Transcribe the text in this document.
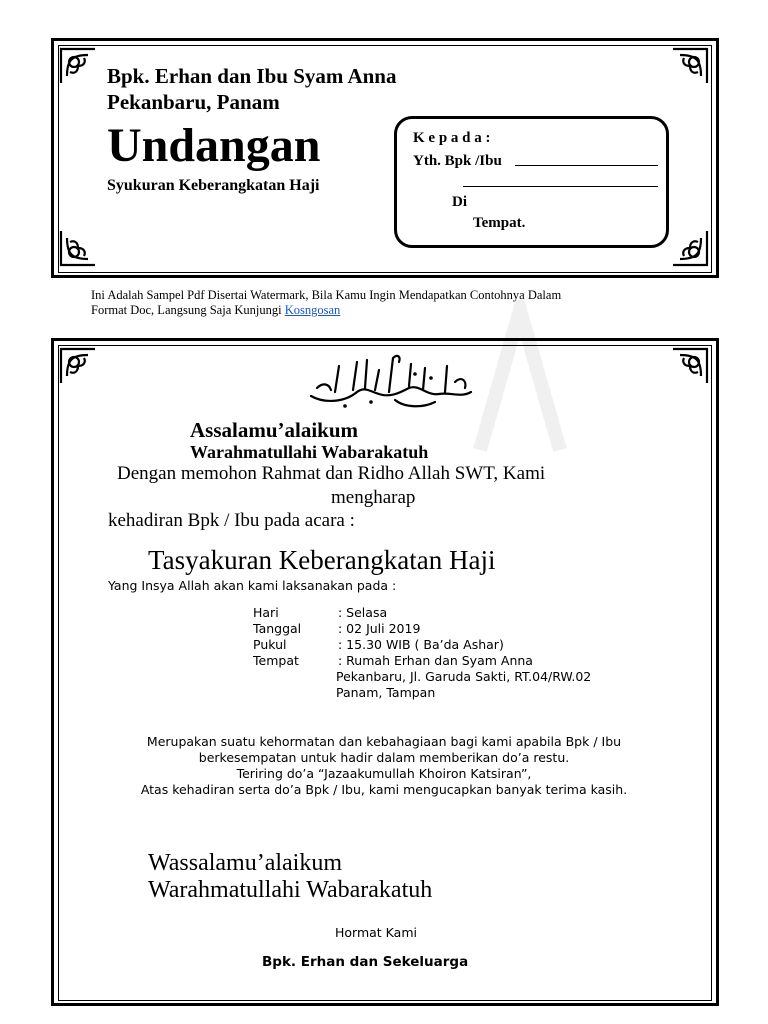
Bpk. Erhan dan Ibu Syam Anna
Pekanbaru, Panam
Undangan
Syukuran Keberangkatan Haji
K e p a d a :
Yth. Bpk /Ibu
Di
Tempat.
Ini Adalah Sampel Pdf Disertai Watermark, Bila Kamu Ingin Mendapatkan Contohnya Dalam
Format Doc, Langsung Saja Kunjungi Kosngosan
Assalamu’alaikum
Warahmatullahi Wabarakatuh
Dengan memohon Rahmat dan Ridho Allah SWT, Kami
mengharap
kehadiran Bpk / Ibu pada acara :
Tasyakuran Keberangkatan Haji
Yang Insya Allah akan kami laksanakan pada :
Hari	: Selasa
Tanggal	: 02 Juli 2019
Pukul	: 15.30 WIB ( Ba’da Ashar)
Tempat	: Rumah Erhan dan Syam Anna
Pekanbaru, Jl. Garuda Sakti, RT.04/RW.02
Panam, Tampan
Merupakan suatu kehormatan dan kebahagiaan bagi kami apabila Bpk / Ibu
berkesempatan untuk hadir dalam memberikan do’a restu.
Teriring do’a “Jazaakumullah Khoiron Katsiran”,
Atas kehadiran serta do’a Bpk / Ibu, kami mengucapkan banyak terima kasih.
Wassalamu’alaikum
Warahmatullahi Wabarakatuh
Hormat Kami
Bpk. Erhan dan Sekeluarga
